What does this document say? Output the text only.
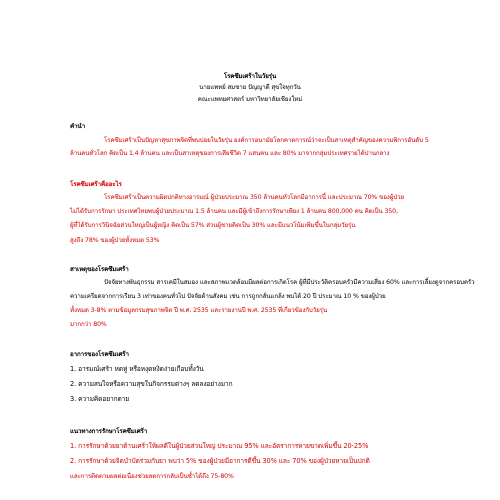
โรคซึมเศร้าในวัยรุ่น
นายแพทย์ สมชาย ปัญญาดี สุขใจทุกวัน
คณะแพทยศาสตร์ มหาวิทยาลัยเชียงใหม่
คำนำ
โรคซึมเศร้าเป็นปัญหาสุขภาพจิตที่พบบ่อยในวัยรุ่น องค์การอนามัยโลกคาดการณ์ว่าจะเป็นสาเหตุสำคัญของความพิการอันดับ 5
ล้านคนทั่วโลก คิดเป็น 1.4 ล้านคน และเป็นสาเหตุของการเสียชีวิต 7 แสนคน และ 80% มาจากกลุ่มประเทศรายได้ปานกลาง
โรคซึมเศร้าคืออะไร
โรคซึมเศร้าเป็นความผิดปกติทางอารมณ์ ผู้ป่วยประมาณ 350 ล้านคนทั่วโลกมีอาการนี้ และประมาณ 70% ของผู้ป่วย
ไม่ได้รับการรักษา ประเทศไทยพบผู้ป่วยประมาณ 1.5 ล้านคน และมีผู้เข้าถึงการรักษาเพียง 1 ล้านคน 800,000 คน คิดเป็น 350,
ผู้ที่ได้รับการวินิจฉัยส่วนใหญ่เป็นผู้หญิง คิดเป็น 57% ส่วนผู้ชายคิดเป็น 30% และมีแนวโน้มเพิ่มขึ้นในกลุ่มวัยรุ่น
สูงถึง 78% ของผู้ป่วยทั้งหมด 53%
สาเหตุของโรคซึมเศร้า
ปัจจัยทางพันธุกรรม สารเคมีในสมอง และสภาพแวดล้อมมีผลต่อการเกิดโรค ผู้ที่มีประวัติครอบครัวมีความเสี่ยง 60% และการเลี้ยงดูจากครอบครัว
ความเครียดจากการเรียน 3 เท่าของคนทั่วไป ปัจจัยด้านสังคม เช่น การถูกกลั่นแกล้ง พบได้ 20 ปี ประมาณ 10 % ของผู้ป่วย
ทั้งหมด 3-8% ตามข้อมูลกรมสุขภาพจิต ปี พ.ศ. 2535 และรายงานปี พ.ศ. 2535 ที่เกี่ยวข้องกับวัยรุ่น
มากกว่า 80%
อาการของโรคซึมเศร้า
1. อารมณ์เศร้า หดหู่ หรือหงุดหงิดง่ายเกือบทั้งวัน
2. ความสนใจหรือความสุขในกิจกรรมต่างๆ ลดลงอย่างมาก
3. ความคิดอยากตาย
แนวทางการรักษาโรคซึมเศร้า
1. การรักษาด้วยยาต้านเศร้าให้ผลดีในผู้ป่วยส่วนใหญ่ ประมาณ 95% และอัตราการหายขาดเพิ่มขึ้น 20-25%
2. การรักษาด้วยจิตบำบัดร่วมกับยา พบว่า 5% ของผู้ป่วยมีอาการดีขึ้น 30% และ 70% ของผู้ป่วยหายเป็นปกติ
และการติดตามผลต่อเนื่องช่วยลดการกลับเป็นซ้ำได้ถึง 75-80%
